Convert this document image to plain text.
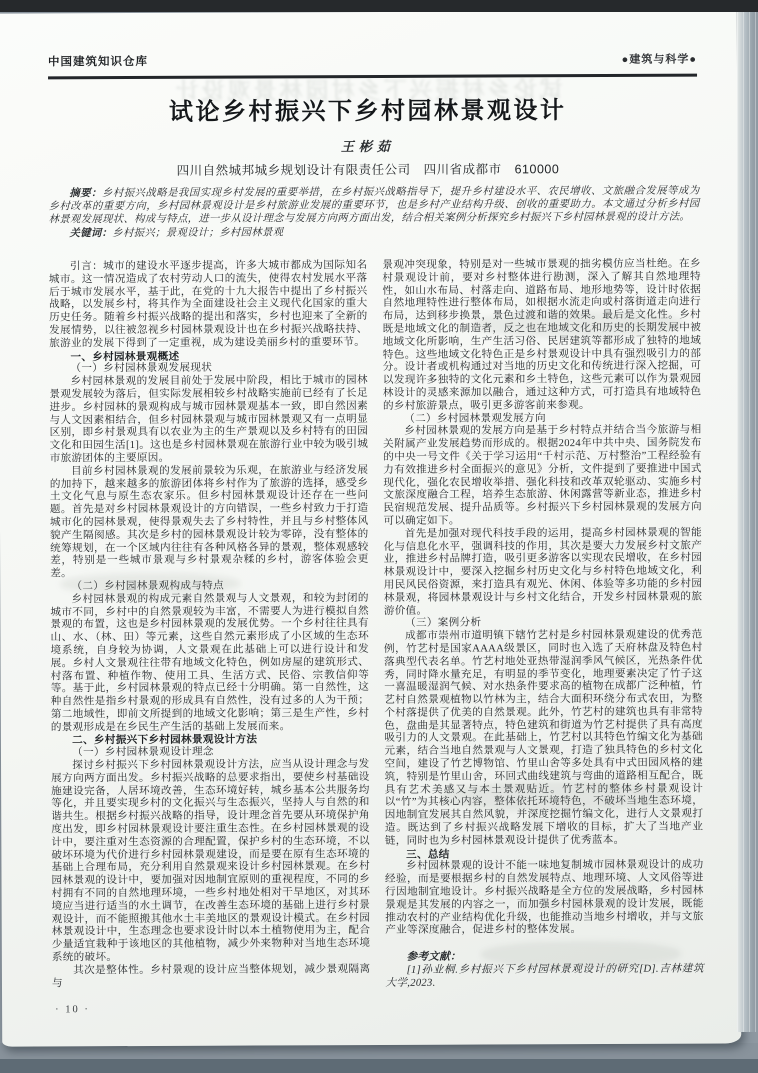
中国建筑知识仓库	●建筑与科学●
试论乡村振兴下乡村园林景观设计
试论乡村振兴下乡村园林景观设计
王彬茹
四川自然城邦城乡规划设计有限责任公司　四川省成都市　610000

摘要：乡村振兴战略是我国实现乡村发展的重要举措，在乡村振兴战略指导下，提升乡村建设水平、农民增收、文旅融合发展等成为乡村改革的重要方向，乡村园林景观设计是乡村旅游业发展的重要环节，也是乡村产业结构升级、创收的重要助力。本文通过分析乡村园林景观发展现状、构成与特点，进一步从设计理念与发展方向两方面出发，结合相关案例分析探究乡村振兴下乡村园林景观的设计方法。

关键词：乡村振兴；景观设计；乡村园林景观

引言：城市的建设水平逐步提高，许多大城市都成为国际知名城市。这一情况造成了农村劳动人口的流失，使得农村发展水平落后于城市发展水平，基于此，在党的十九大报告中提出了乡村振兴战略，以发展乡村，将其作为全面建设社会主义现代化国家的重大历史任务。随着乡村振兴战略的提出和落实，乡村也迎来了全新的发展情势，以往被忽视乡村园林景观设计也在乡村振兴战略扶持、旅游业的发展下得到了一定重视，成为建设美丽乡村的重要环节。

一、乡村园林景观概述

（一）乡村园林景观发展现状

乡村园林景观的发展目前处于发展中阶段，相比于城市的园林景观发展较为落后，但实际发展相较乡村战略实施前已经有了长足进步。乡村园林的景观构成与城市园林景观基本一致，即自然因素与人文因素相结合，但乡村园林景观与城市园林景观又有一点明显区别，即乡村景观具有以农业为主的生产景观以及乡村特有的田园文化和田园生活[1]。这也是乡村园林景观在旅游行业中较为吸引城市旅游团体的主要原因。

目前乡村园林景观的发展前景较为乐观，在旅游业与经济发展的加持下，越来越多的旅游团体将乡村作为了旅游的选择，感受乡土文化气息与原生态农家乐。但乡村园林景观设计还存在一些问题。首先是对乡村园林景观设计的方向错误，一些乡村致力于打造城市化的园林景观，使得景观失去了乡村特性，并且与乡村整体风貌产生隔阂感。其次是乡村的园林景观设计较为零碎，没有整体的统筹规划，在一个区域内往往有各种风格各异的景观，整体观感较差，特别是一些城市景观与乡村景观杂糅的乡村，游客体验会更差。

（二）乡村园林景观构成与特点

乡村园林景观的构成元素自然景观与人文景观，和较为封闭的城市不同，乡村中的自然景观较为丰富，不需要人为进行模拟自然景观的布置，这也是乡村园林景观的发展优势。一个乡村往往具有山、水、（林、田）等元素，这些自然元素形成了小区域的生态环境系统，自身较为协调，人文景观在此基础上可以进行设计和发展。乡村人文景观往往带有地域文化特色，例如房屋的建筑形式、村落布置、种植作物、使用工具、生活方式、民俗、宗教信仰等等。基于此，乡村园林景观的特点已经十分明确。第一自然性，这种自然性是指乡村景观的形成具有自然性，没有过多的人为干预；第二地域性，即前文所提到的地域文化影响；第三是生产性，乡村的景观形成是在乡民生产生活的基础上发展而来。

二、乡村振兴下乡村园林景观设计方法

（一）乡村园林景观设计理念

探讨乡村振兴下乡村园林景观设计方法，应当从设计理念与发展方向两方面出发。乡村振兴战略的总要求指出，要使乡村基础设施建设完备，人居环境改善，生态环境好转，城乡基本公共服务均等化，并且要实现乡村的文化振兴与生态振兴，坚持人与自然的和谐共生。根据乡村振兴战略的指导，设计理念首先要从环境保护角度出发，即乡村园林景观设计要注重生态性。在乡村园林景观的设计中，要注重对生态资源的合理配置，保护乡村的生态环境，不以破坏环境为代价进行乡村园林景观建设，而是要在原有生态环境的基础上合理布局，充分利用自然景观来设计乡村园林景观。在乡村园林景观的设计中，要加强对因地制宜原则的重视程度，不同的乡村拥有不同的自然地理环境，一些乡村地处相对干旱地区，对其环境应当进行适当的水土调节，在改善生态环境的基础上进行乡村景观设计，而不能照搬其他水土丰美地区的景观设计模式。在乡村园林景观设计中，生态理念也要求设计时以本土植物使用为主，配合少量适宜栽种于该地区的其他植物，减少外来物种对当地生态环境系统的破坏。

其次是整体性。乡村景观的设计应当整体规划，减少景观隔离与

景观冲突现象，特别是对一些城市景观的拙劣模仿应当杜绝。在乡村景观设计前，要对乡村整体进行勘测，深入了解其自然地理特性，如山水布局、村落走向、道路布局、地形地势等，设计时依据自然地理特性进行整体布局，如根据水流走向或村落街道走向进行布局，达到移步换景，景色过渡和谐的效果。最后是文化性。乡村既是地域文化的制造者，反之也在地域文化和历史的长期发展中被地域文化所影响，生产生活习俗、民居建筑等都形成了独特的地域特色。这些地域文化特色正是乡村景观设计中具有强烈吸引力的部分。设计者或机构通过对当地的历史文化和传统进行深入挖掘，可以发现许多独特的文化元素和乡土特色，这些元素可以作为景观园林设计的灵感来源加以融合，通过这种方式，可打造具有地域特色的乡村旅游景点，吸引更多游客前来参观。

（二）乡村园林景观发展方向

乡村园林景观的发展方向是基于乡村特点并结合当今旅游与相关附属产业发展趋势而形成的。根据2024年中共中央、国务院发布的中央一号文件《关于学习运用“千村示范、万村整治”工程经验有力有效推进乡村全面振兴的意见》分析，文件提到了要推进中国式现代化，强化农民增收举措、强化科技和改革双轮驱动、实施乡村文旅深度融合工程，培养生态旅游、休闲露营等新业态，推进乡村民宿规范发展、提升品质等。乡村振兴下乡村园林景观的发展方向可以确定如下。

首先是加强对现代科技手段的运用，提高乡村园林景观的智能化与信息化水平，强调科技的作用，其次是要大力发展乡村文旅产业，推进乡村品牌打造，吸引更多游客以实现农民增收，在乡村园林景观设计中，要深入挖掘乡村历史文化与乡村特色地域文化，利用民风民俗资源，来打造具有观光、休闲、体验等多功能的乡村园林景观，将园林景观设计与乡村文化结合，开发乡村园林景观的旅游价值。

（三）案例分析

成都市崇州市道明镇下辖竹艺村是乡村园林景观建设的优秀范例，竹艺村是国家AAAA级景区，同时也入选了天府林盘及特色村落典型代表名单。竹艺村地处亚热带湿润季风气候区，光热条件优秀，同时降水量充足，有明显的季节变化，地理要素决定了竹子这一喜温暖湿润气候、对水热条件要求高的植物在成都广泛种植，竹艺村自然景观植物以竹林为主，结合大面积环绕分布式农田，为整个村落提供了优美的自然景观。此外，竹艺村的建筑也具有非常特色，盘曲是其显著特点，特色建筑和街道为竹艺村提供了具有高度吸引力的人文景观。在此基础上，竹艺村以其特色竹编文化为基础元素，结合当地自然景观与人文景观，打造了独具特色的乡村文化空间，建设了竹艺博物馆、竹里山舍等多处具有中式田园风格的建筑，特别是竹里山舍，环回式曲线建筑与弯曲的道路相互配合，既具有艺术美感又与本土景观贴近。竹艺村的整体乡村景观设计以“竹”为其核心内容，整体依托环境特色，不破坏当地生态环境，因地制宜发展其自然风貌，并深度挖掘竹编文化，进行人文景观打造。既达到了乡村振兴战略发展下增收的目标，扩大了当地产业链，同时也为乡村园林景观设计提供了优秀蓝本。

三、总结

乡村园林景观的设计不能一味地复制城市园林景观设计的成功经验，而是要根据乡村的自然发展特点、地理环境、人文风俗等进行因地制宜地设计。乡村振兴战略是全方位的发展战略，乡村园林景观是其发展的内容之一，而加强乡村园林景观的设计发展，既能推动农村的产业结构优化升级，也能推动当地乡村增收，并与文旅产业等深度融合，促进乡村的整体发展。

参考文献：

[1]孙业桐.乡村振兴下乡村园林景观设计的研究[D].吉林建筑大学,2023.

· 10 ·
